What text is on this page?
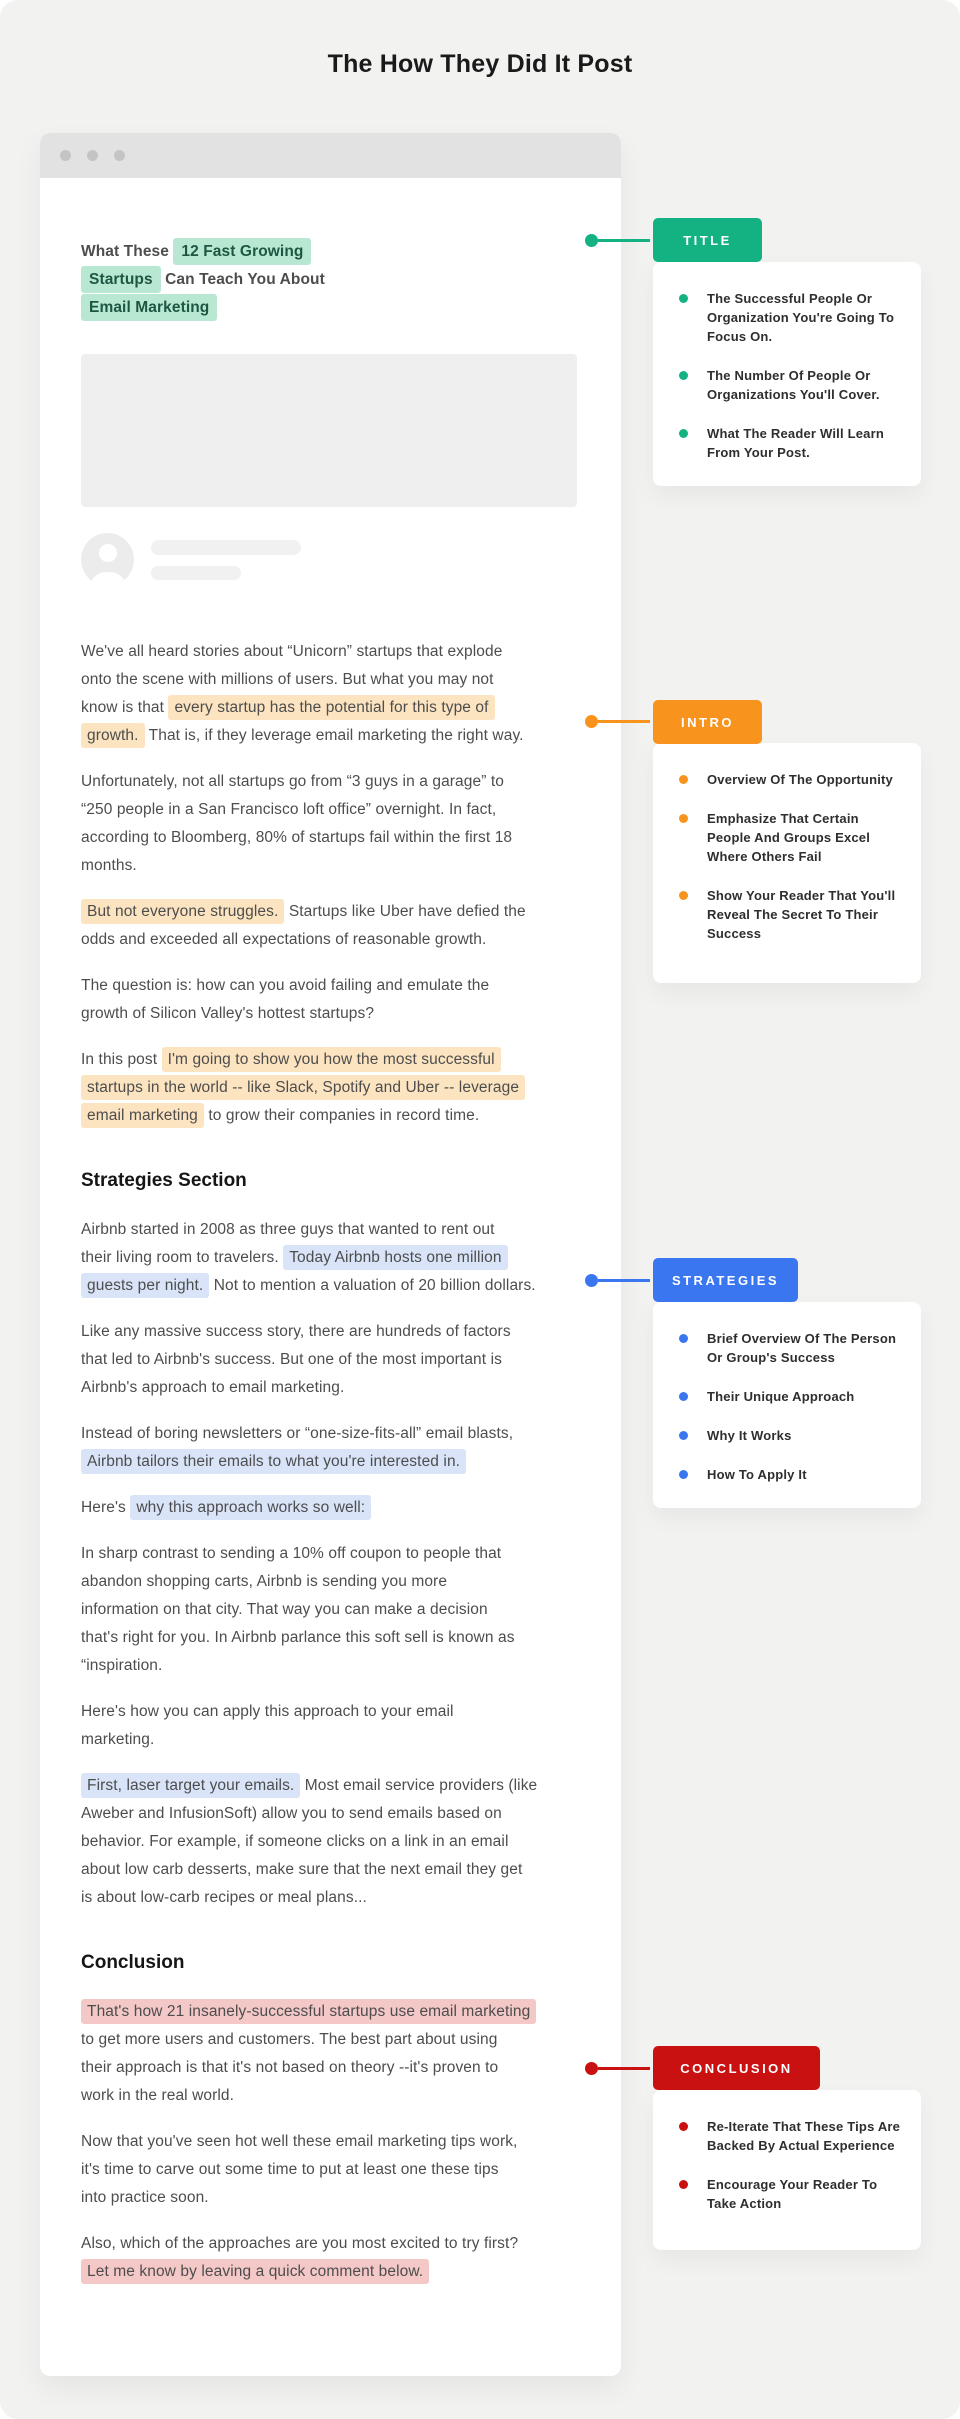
The How They Did It Post
What These 12 Fast Growing
Startups Can Teach You About
Email Marketing
We've all heard stories about “Unicorn” startups that explode
onto the scene with millions of users. But what you may not
know is that every startup has the potential for this type of
growth. That is, if they leverage email marketing the right way.
Unfortunately, not all startups go from “3 guys in a garage” to
“250 people in a San Francisco loft office” overnight. In fact,
according to Bloomberg, 80% of startups fail within the first 18
months.
But not everyone struggles. Startups like Uber have defied the
odds and exceeded all expectations of reasonable growth.
The question is: how can you avoid failing and emulate the
growth of Silicon Valley's hottest startups?
In this post I'm going to show you how the most successful
startups in the world -- like Slack, Spotify and Uber -- leverage
email marketing to grow their companies in record time.
Strategies Section
Airbnb started in 2008 as three guys that wanted to rent out
their living room to travelers. Today Airbnb hosts one million
guests per night. Not to mention a valuation of 20 billion dollars.
Like any massive success story, there are hundreds of factors
that led to Airbnb's success. But one of the most important is
Airbnb's approach to email marketing.
Instead of boring newsletters or “one-size-fits-all” email blasts,
Airbnb tailors their emails to what you're interested in.
Here's why this approach works so well:
In sharp contrast to sending a 10% off coupon to people that
abandon shopping carts, Airbnb is sending you more
information on that city. That way you can make a decision
that's right for you. In Airbnb parlance this soft sell is known as
“inspiration.
Here's how you can apply this approach to your email
marketing.
First, laser target your emails. Most email service providers (like
Aweber and InfusionSoft) allow you to send emails based on
behavior. For example, if someone clicks on a link in an email
about low carb desserts, make sure that the next email they get
is about low-carb recipes or meal plans...
Conclusion
That's how 21 insanely-successful startups use email marketing
to get more users and customers. The best part about using
their approach is that it's not based on theory --it's proven to
work in the real world.
Now that you've seen hot well these email marketing tips work,
it's time to carve out some time to put at least one these tips
into practice soon.
Also, which of the approaches are you most excited to try first?
Let me know by leaving a quick comment below.
TITLE
The Successful People Or Organization You're Going To Focus On.
The Number Of People Or Organizations You'll Cover.
What The Reader Will Learn From Your Post.
INTRO
Overview Of The Opportunity
Emphasize That Certain People And Groups Excel Where Others Fail
Show Your Reader That You'll Reveal The Secret To Their Success
STRATEGIES
Brief Overview Of The Person Or Group's Success
Their Unique Approach
Why It Works
How To Apply It
CONCLUSION
Re-Iterate That These Tips Are Backed By Actual Experience
Encourage Your Reader To Take Action
